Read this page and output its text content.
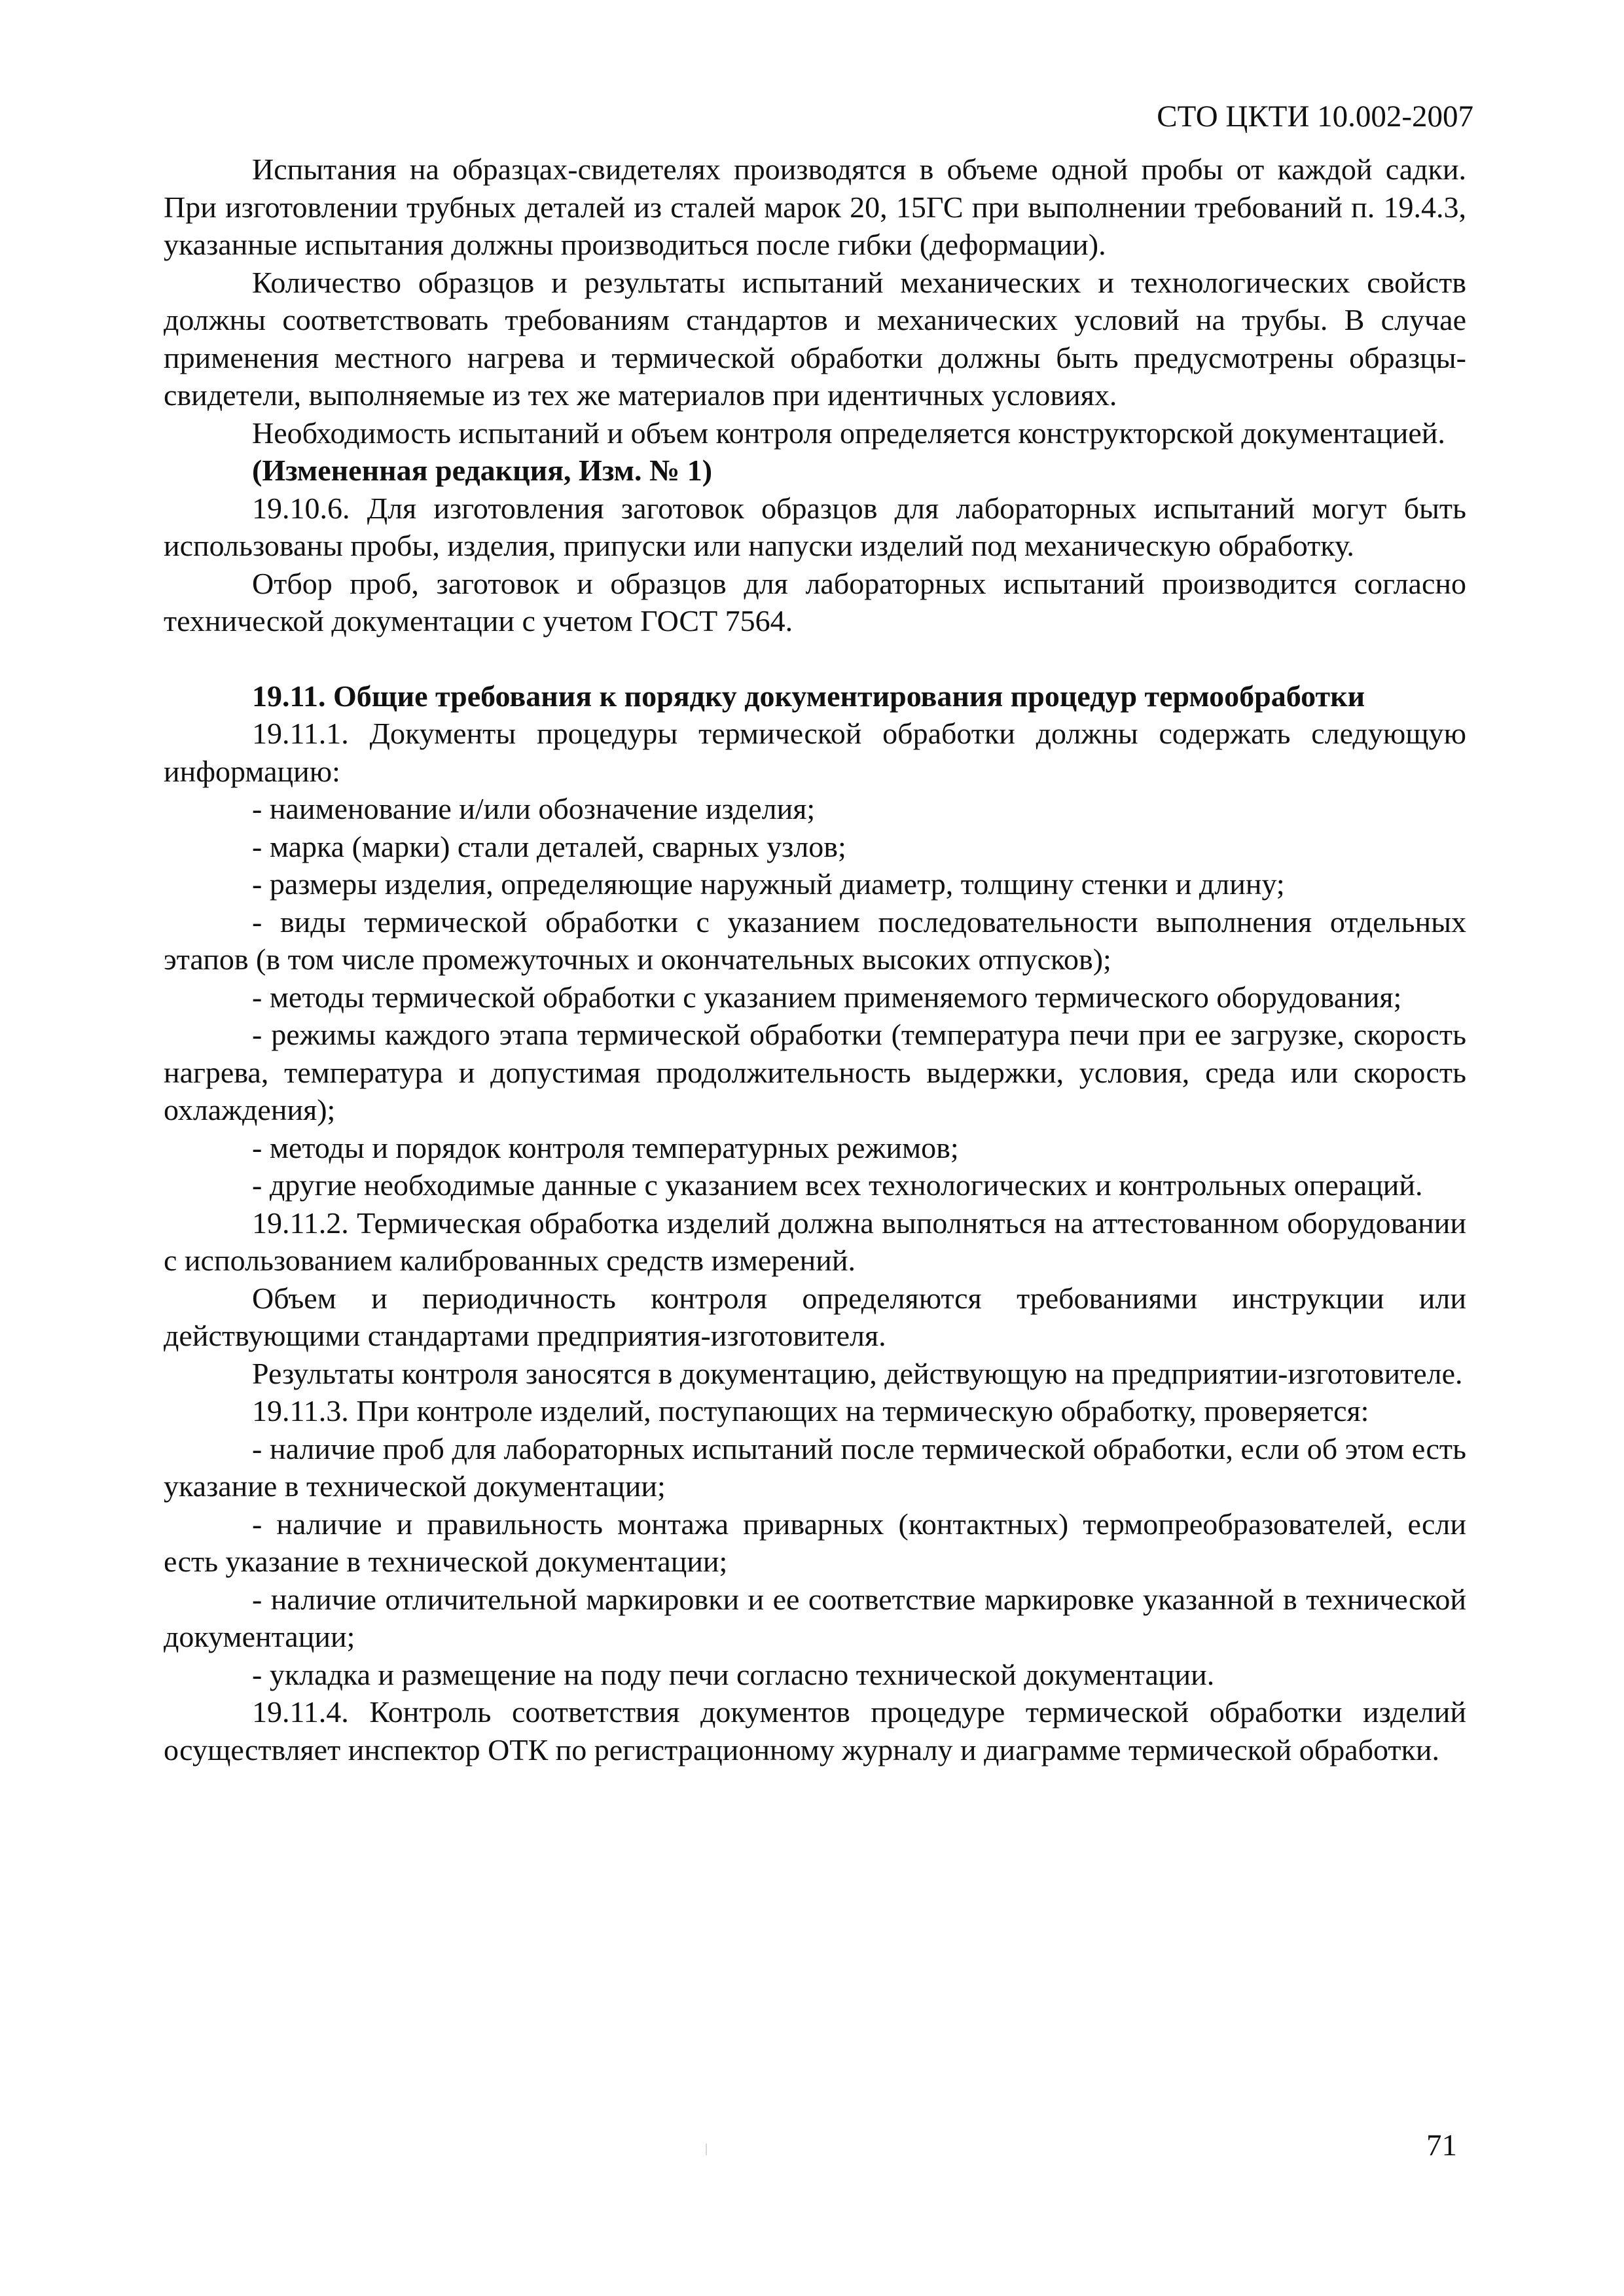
СТО ЦКТИ 10.002-2007

Испытания на образцах-свидетелях производятся в объеме одной пробы от каждой садки. При изготовлении трубных деталей из сталей марок 20, 15ГС при выполнении требований п. 19.4.3, указанные испытания должны производиться после гибки (деформации).

Количество образцов и результаты испытаний механических и технологических свойств должны соответствовать требованиям стандартов и механических условий на трубы. В случае применения местного нагрева и термической обработки должны быть предусмотрены образцы-свидетели, выполняемые из тех же материалов при идентичных условиях.

Необходимость испытаний и объем контроля определяется конструкторской документацией.

(Измененная редакция, Изм. № 1)

19.10.6. Для изготовления заготовок образцов для лабораторных испытаний могут быть использованы пробы, изделия, припуски или напуски изделий под механическую обработку.

Отбор проб, заготовок и образцов для лабораторных испытаний производится согласно технической документации с учетом ГОСТ 7564.

19.11. Общие требования к порядку документирования процедур термообработки

19.11.1. Документы процедуры термической обработки должны содержать следующую информацию:

- наименование и/или обозначение изделия;

- марка (марки) стали деталей, сварных узлов;

- размеры изделия, определяющие наружный диаметр, толщину стенки и длину;

- виды термической обработки с указанием последовательности выполнения отдельных этапов (в том числе промежуточных и окончательных высоких отпусков);

- методы термической обработки с указанием применяемого термического оборудования;

- режимы каждого этапа термической обработки (температура печи при ее загрузке, скорость нагрева, температура и допустимая продолжительность выдержки, условия, среда или скорость охлаждения);

- методы и порядок контроля температурных режимов;

- другие необходимые данные с указанием всех технологических и контрольных операций.

19.11.2. Термическая обработка изделий должна выполняться на аттестованном оборудовании с использованием калиброванных средств измерений.

Объем и периодичность контроля определяются требованиями инструкции или действующими стандартами предприятия-изготовителя.

Результаты контроля заносятся в документацию, действующую на предприятии-изготовителе.

19.11.3. При контроле изделий, поступающих на термическую обработку, проверяется:

- наличие проб для лабораторных испытаний после термической обработки, если об этом есть указание в технической документации;

- наличие и правильность монтажа приварных (контактных) термопреобразователей, если есть указание в технической документации;

- наличие отличительной маркировки и ее соответствие маркировке указанной в технической документации;

- укладка и размещение на поду печи согласно технической документации.

19.11.4. Контроль соответствия документов процедуре термической обработки изделий осуществляет инспектор ОТК по регистрационному журналу и диаграмме термической обработки.

71
